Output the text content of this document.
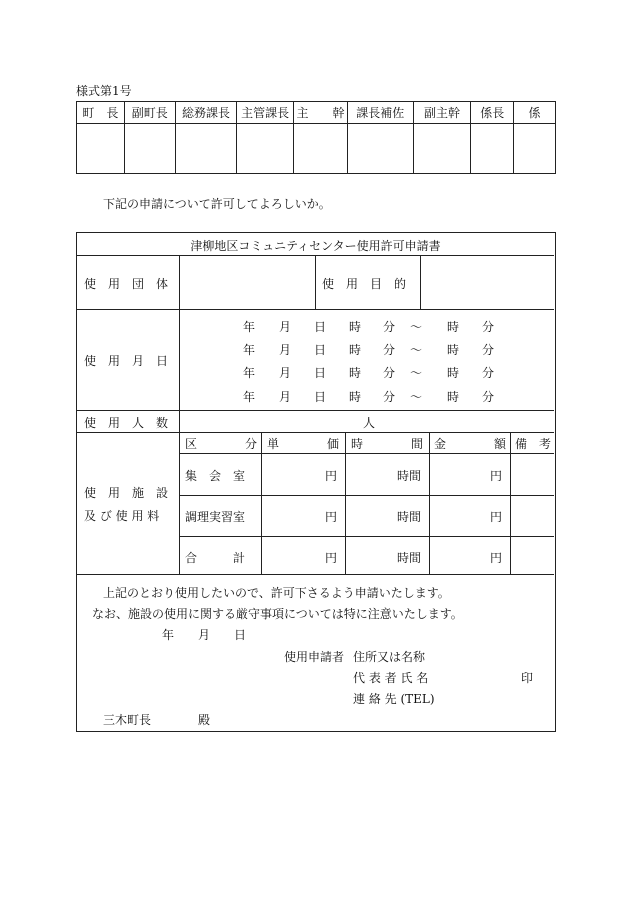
様式第1号
町　長	副町長	総務課長	主管課長	主　　幹	課長補佐	副主幹	係長	係

下記の申請について許可してよろしいか。
津柳地区コミュニティセンター使用許可申請書
使　用　団　体	使　用　目　的
使　用　月　日
年 月 日 時 分 〜 時 分
年 月 日 時 分 〜 時 分
年 月 日 時 分 〜 時 分
年 月 日 時 分 〜 時 分
使　用　人　数	人
使　用　施　設
及 び 使 用 料
区　　　　分 単　　　　価 時　　　　間 金　　　　額 備　考
集　会　室	円	時間	円
調理実習室	円	時間	円
合　　　計	円	時間	円
上記のとおり使用したいので、許可下さるよう申請いたします。
なお、施設の使用に関する厳守事項については特に注意いたします。
年　　月　　日
使用申請者 住所又は名称
代 表 者 氏 名	印
連 絡 先 (TEL)
三木町長	殿
